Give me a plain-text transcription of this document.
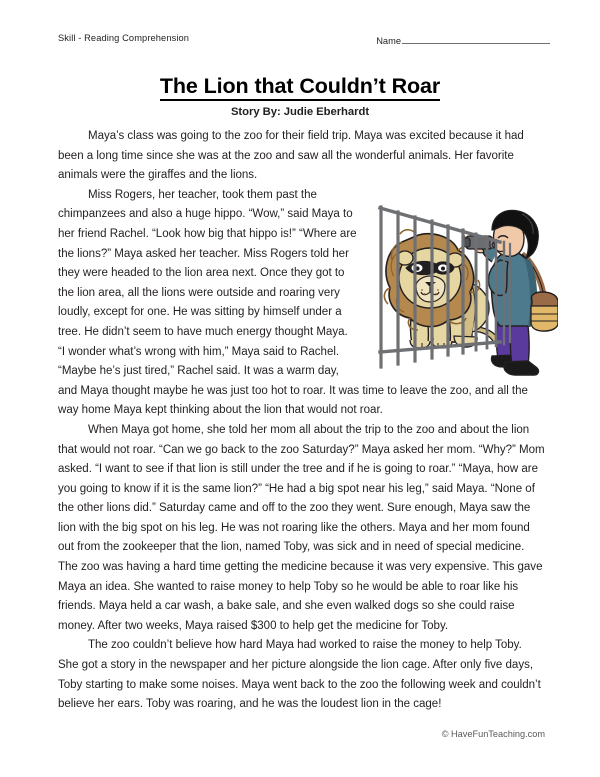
Skill - Reading Comprehension	Name
The Lion that Couldn’t Roar
Story By: Judie Eberhardt

Maya’s class was going to the zoo for their field trip. Maya was excited because it had been a long time since she was at the zoo and saw all the wonderful animals. Her favorite animals were the giraffes and the lions.

Miss Rogers, her teacher, took them past the chimpanzees and also a huge hippo. “Wow,” said Maya to her friend Rachel. “Look how big that hippo is!” “Where are the lions?” Maya asked her teacher. Miss Rogers told her they were headed to the lion area next. Once they got to the lion area, all the lions were outside and roaring very loudly, except for one. He was sitting by himself under a tree. He didn’t seem to have much energy thought Maya. “I wonder what’s wrong with him,” Maya said to Rachel. “Maybe he’s just tired,” Rachel said. It was a warm day, and Maya thought maybe he was just too hot to roar. It was time to leave the zoo, and all the way home Maya kept thinking about the lion that would not roar.

When Maya got home, she told her mom all about the trip to the zoo and about the lion that would not roar. “Can we go back to the zoo Saturday?” Maya asked her mom. “Why?” Mom asked. “I want to see if that lion is still under the tree and if he is going to roar.” “Maya, how are you going to know if it is the same lion?” “He had a big spot near his leg,” said Maya. “None of the other lions did.” Saturday came and off to the zoo they went. Sure enough, Maya saw the lion with the big spot on his leg. He was not roaring like the others. Maya and her mom found out from the zookeeper that the lion, named Toby, was sick and in need of special medicine. The zoo was having a hard time getting the medicine because it was very expensive. This gave Maya an idea. She wanted to raise money to help Toby so he would be able to roar like his friends. Maya held a car wash, a bake sale, and she even walked dogs so she could raise money. After two weeks, Maya raised $300 to help get the medicine for Toby.

The zoo couldn’t believe how hard Maya had worked to raise the money to help Toby. She got a story in the newspaper and her picture alongside the lion cage. After only five days, Toby starting to make some noises. Maya went back to the zoo the following week and couldn’t believe her ears. Toby was roaring, and he was the loudest lion in the cage!

© HaveFunTeaching.com
